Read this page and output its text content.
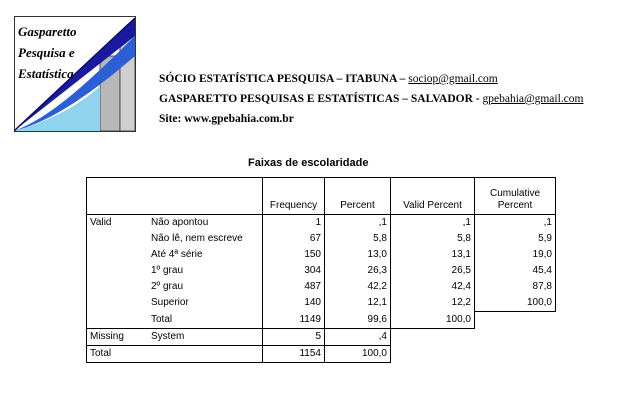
Gasparetto
Pesquisa e
Estatística	SÓCIO ESTATÍSTICA PESQUISA – ITABUNA – sociop@gmail.com
GASPARETTO PESQUISAS E ESTATÍSTICAS – SALVADOR - gpebahia@gmail.com
Site: www.gpebahia.com.br
Faixas de escolaridade
		Frequency	Percent	Valid Percent	Cumulative
Percent
Valid	Não apontou	1	,1	,1	,1
	Não lê, nem escreve	67	5,8	5,8	5,9
	Até 4ª série	150	13,0	13,1	19,0
	1º grau	304	26,3	26,5	45,4
	2º grau	487	42,2	42,4	87,8
	Superior	140	12,1	12,2	100,0
	Total	1149	99,6	100,0	
Missing	System	5	,4		
Total		1154	100,0		
